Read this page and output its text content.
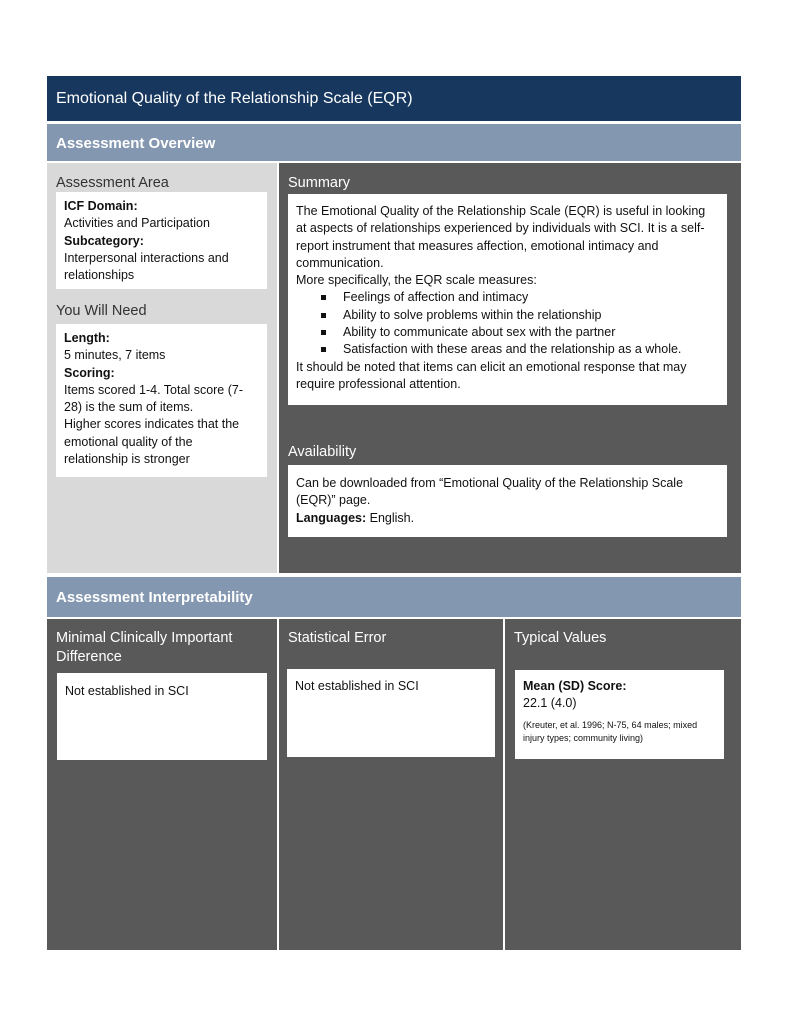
Emotional Quality of the Relationship Scale (EQR)
Assessment Overview
Assessment Area
ICF Domain:
Activities and Participation
Subcategory:
Interpersonal interactions and relationships
You Will Need
Length:
5 minutes, 7 items
Scoring:
Items scored 1-4. Total score (7-28) is the sum of items.
Higher scores indicates that the emotional quality of the relationship is stronger
Summary
The Emotional Quality of the Relationship Scale (EQR) is useful in looking at aspects of relationships experienced by individuals with SCI. It is a self-report instrument that measures affection, emotional intimacy and communication.
More specifically, the EQR scale measures:
Feelings of affection and intimacy
Ability to solve problems within the relationship
Ability to communicate about sex with the partner
Satisfaction with these areas and the relationship as a whole.
It should be noted that items can elicit an emotional response that may require professional attention.
Availability
Can be downloaded from “Emotional Quality of the Relationship Scale (EQR)” page.
Languages: English.
Assessment Interpretability
Minimal Clinically Important Difference
Not established in SCI
Statistical Error
Not established in SCI
Typical Values
Mean (SD) Score:
22.1 (4.0)
(Kreuter, et al. 1996; N-75, 64 males; mixed injury types; community living)
